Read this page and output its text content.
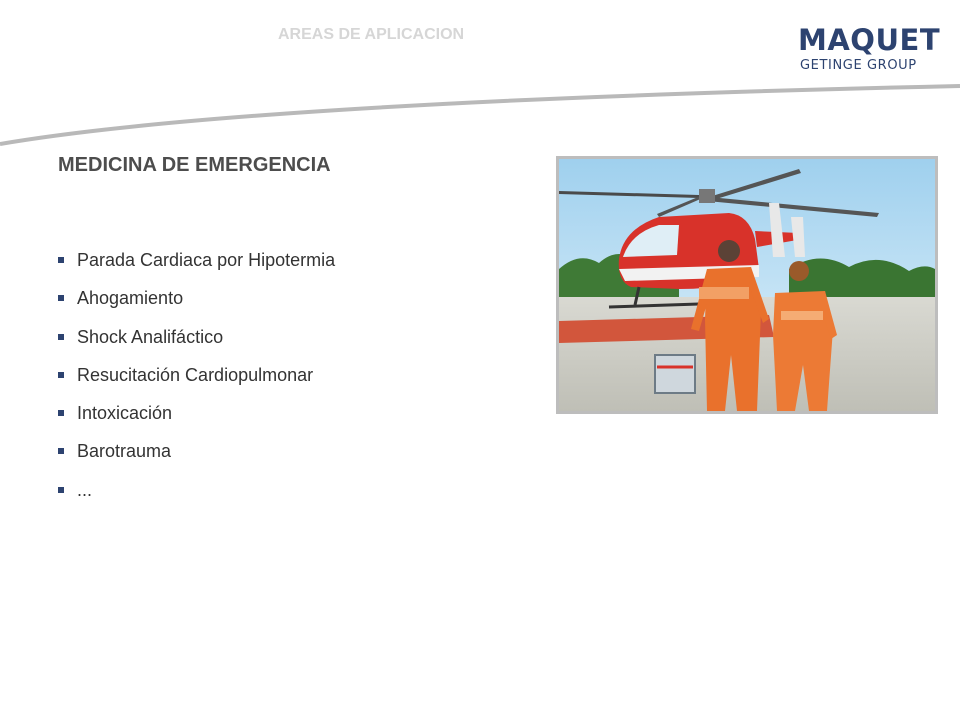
AREAS DE APLICACION	MAQUET
GETINGE GROUP
MEDICINA DE EMERGENCIA
Parada Cardiaca por Hipotermia
Ahogamiento
Shock Analifáctico
Resucitación Cardiopulmonar
Intoxicación
Barotrauma
...
